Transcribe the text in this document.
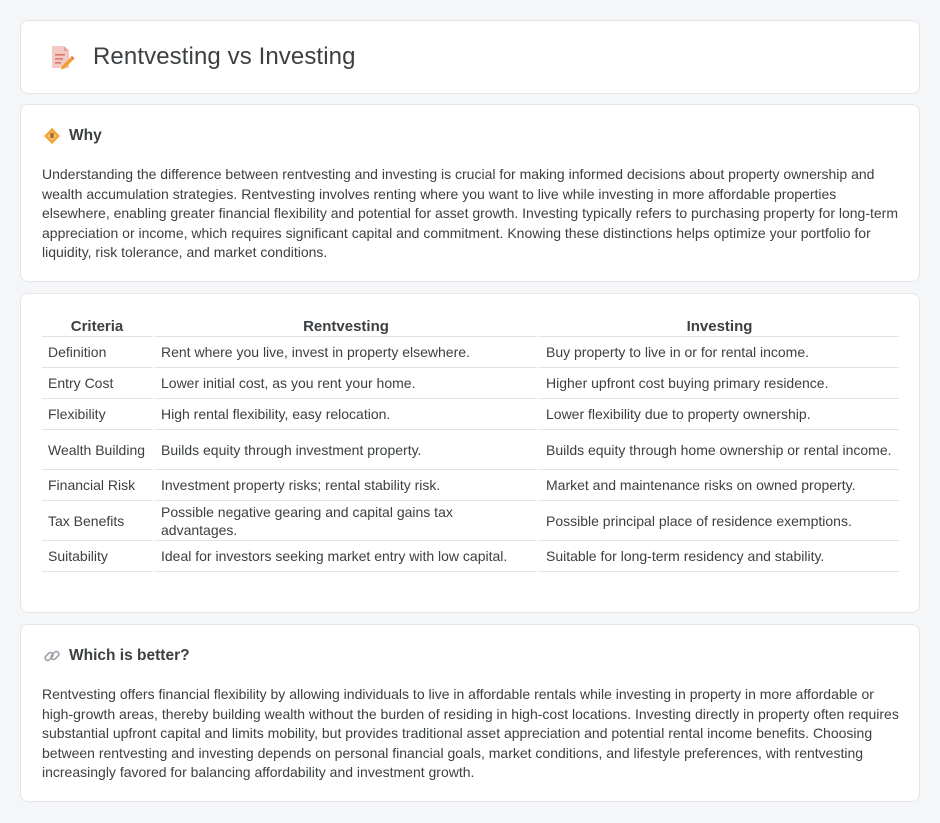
Rentvesting vs Investing
Why

Understanding the difference between rentvesting and investing is crucial for making informed decisions about property ownership and wealth accumulation strategies. Rentvesting involves renting where you want to live while investing in more affordable properties elsewhere, enabling greater financial flexibility and potential for asset growth. Investing typically refers to purchasing property for long-term appreciation or income, which requires significant capital and commitment. Knowing these distinctions helps optimize your portfolio for liquidity, risk tolerance, and market conditions.

Criteria	Rentvesting	Investing
Definition	Rent where you live, invest in property elsewhere.	Buy property to live in or for rental income.
Entry Cost	Lower initial cost, as you rent your home.	Higher upfront cost buying primary residence.
Flexibility	High rental flexibility, easy relocation.	Lower flexibility due to property ownership.
Wealth Building	Builds equity through investment property.	Builds equity through home ownership or rental income.
Financial Risk	Investment property risks; rental stability risk.	Market and maintenance risks on owned property.
Tax Benefits	Possible negative gearing and capital gains tax advantages.	Possible principal place of residence exemptions.
Suitability	Ideal for investors seeking market entry with low capital.	Suitable for long-term residency and stability.
Which is better?

Rentvesting offers financial flexibility by allowing individuals to live in affordable rentals while investing in property in more affordable or high-growth areas, thereby building wealth without the burden of residing in high-cost locations. Investing directly in property often requires substantial upfront capital and limits mobility, but provides traditional asset appreciation and potential rental income benefits. Choosing between rentvesting and investing depends on personal financial goals, market conditions, and lifestyle preferences, with rentvesting increasingly favored for balancing affordability and investment growth.
